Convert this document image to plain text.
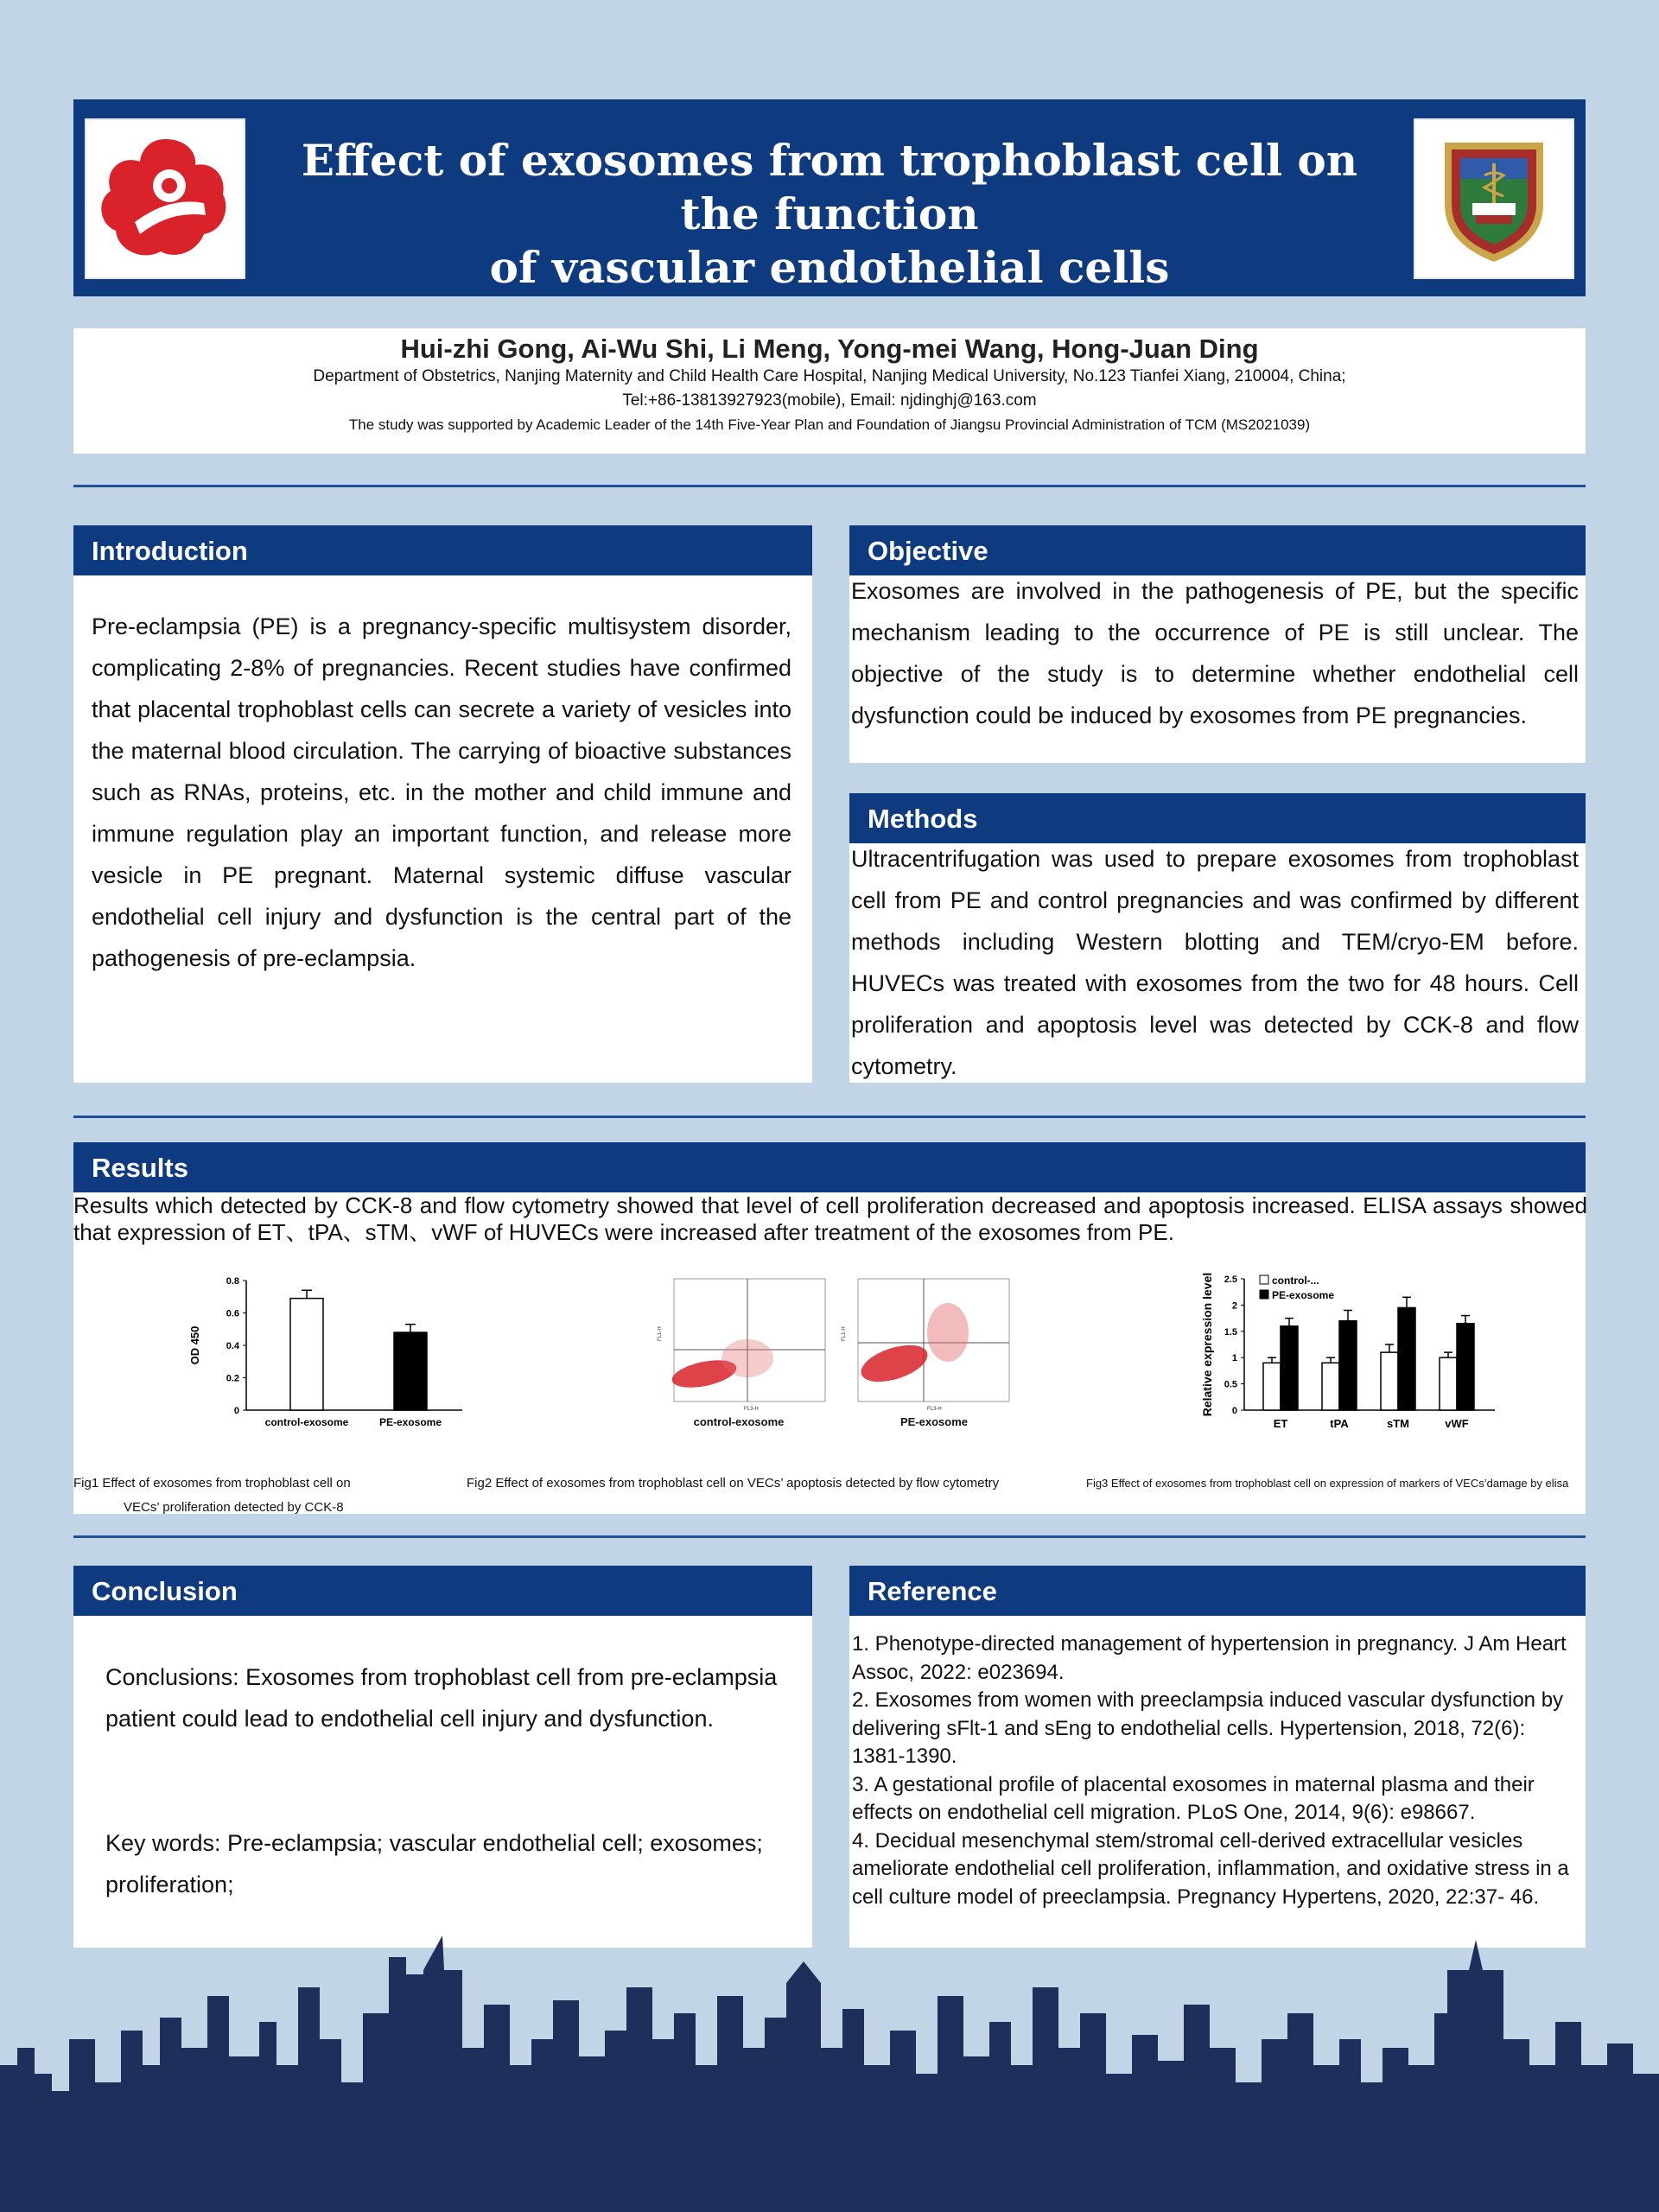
Effect of exosomes from trophoblast cell on the function
of vascular endothelial cells
Hui-zhi Gong, Ai-Wu Shi, Li Meng, Yong-mei Wang, Hong-Juan Ding
Department of Obstetrics, Nanjing Maternity and Child Health Care Hospital, Nanjing Medical University, No.123 Tianfei Xiang, 210004, China;
Tel:+86-13813927923(mobile), Email: njdinghj@163.com
The study was supported by Academic Leader of the 14th Five-Year Plan and Foundation of Jiangsu Provincial Administration of TCM (MS2021039)
Introduction
Pre-eclampsia (PE) is a pregnancy-specific multisystem disorder, complicating 2-8% of pregnancies. Recent studies have confirmed that placental trophoblast cells can secrete a variety of vesicles into the maternal blood circulation. The carrying of bioactive substances such as RNAs, proteins, etc. in the mother and child immune and immune regulation play an important function, and release more vesicle in PE pregnant. Maternal systemic diffuse vascular endothelial cell injury and dysfunction is the central part of the pathogenesis of pre-eclampsia.
Objective
Exosomes are involved in the pathogenesis of PE, but the specific mechanism leading to the occurrence of PE is still unclear. The objective of the study is to determine whether endothelial cell dysfunction could be induced by exosomes from PE pregnancies.
Methods
Ultracentrifugation was used to prepare exosomes from trophoblast cell from PE and control pregnancies and was confirmed by different methods including Western blotting and TEM/cryo-EM before. HUVECs was treated with exosomes from the two for 48 hours. Cell proliferation and apoptosis level was detected by CCK-8 and flow cytometry.
Results
Results which detected by CCK-8 and flow cytometry showed that level of cell proliferation decreased and apoptosis increased. ELISA assays showed that expression of ET、tPA、sTM、vWF of HUVECs were increased after treatment of the exosomes from PE.
0
0.2
0.4
0.6
0.8
OD 450
control-exosome	PE-exosome
FL1-H
FL3-H
control-exosome
FL1-H
FL3-H
PE-exosome
0
0.5
1
1.5
2
2.5
Relative expression level
ET	tPA	sTM	vWF
control-...
PE-exosome
Fig1 Effect of exosomes from trophoblast cell on
VECs’ proliferation detected by CCK-8
Fig2 Effect of exosomes from trophoblast cell on VECs’ apoptosis detected by flow cytometry	Fig3 Effect of exosomes from trophoblast cell on expression of markers of VECs’damage by elisa
Conclusion
Conclusions: Exosomes from trophoblast cell from pre-eclampsia patient could lead to endothelial cell injury and dysfunction.
Key words: Pre-eclampsia; vascular endothelial cell; exosomes; proliferation;
Reference
1. Phenotype-directed management of hypertension in pregnancy. J Am Heart Assoc, 2022: e023694.
2. Exosomes from women with preeclampsia induced vascular dysfunction by delivering sFlt-1 and sEng to endothelial cells. Hypertension, 2018, 72(6): 1381-1390.
3. A gestational profile of placental exosomes in maternal plasma and their effects on endothelial cell migration. PLoS One, 2014, 9(6): e98667.
4. Decidual mesenchymal stem/stromal cell-derived extracellular vesicles ameliorate endothelial cell proliferation, inflammation, and oxidative stress in a cell culture model of preeclampsia. Pregnancy Hypertens, 2020, 22:37- 46.
